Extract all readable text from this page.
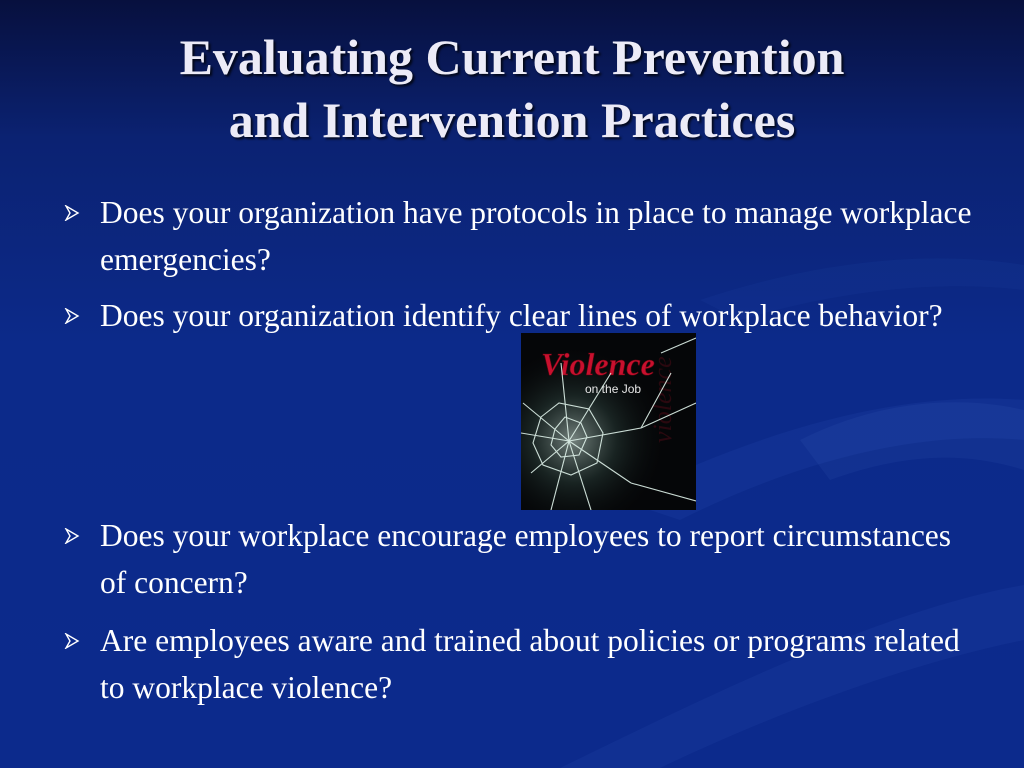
Evaluating Current Prevention
and Intervention Practices
Does your organization have protocols in place to manage workplace emergencies?
Does your organization identify clear lines of workplace behavior?
violence
Violence
on the Job
Does your workplace encourage employees to report circumstances of concern?
Are employees aware and trained about policies or programs related to workplace violence?
